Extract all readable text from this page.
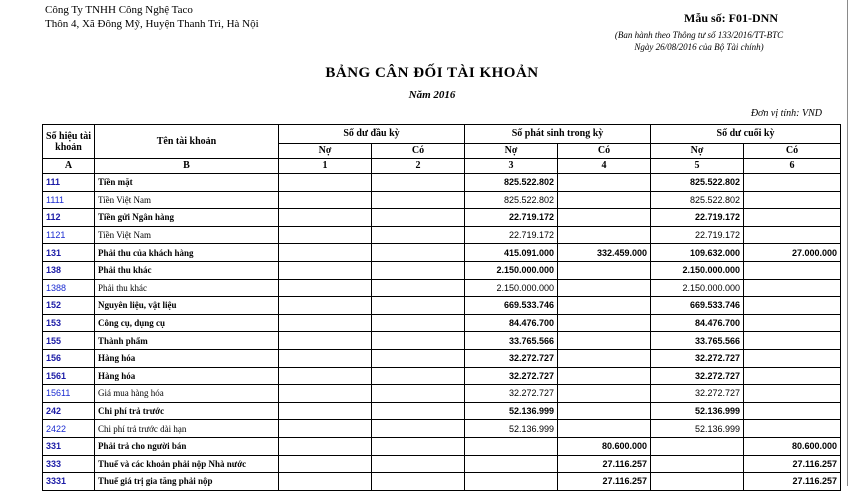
Công Ty TNHH Công Nghệ Taco
Thôn 4, Xã Đông Mỹ, Huyện Thanh Trì, Hà Nội	Mẫu số: F01-DNN
(Ban hành theo Thông tư số 133/2016/TT-BTC
Ngày 26/08/2016 của Bộ Tài chính)
BẢNG CÂN ĐỐI TÀI KHOẢN
Năm 2016
Đơn vị tính: VND
Số hiệu tài khoản	Tên tài khoản	Số dư đầu kỳ		Số phát sinh trong kỳ		Số dư cuối kỳ	
		Nợ	Có	Nợ	Có	Nợ	Có
A	B	1	2	3	4	5	6
111	Tiền mặt			825.522.802		825.522.802	
1111	Tiền Việt Nam			825.522.802		825.522.802	
112	Tiền gửi Ngân hàng			22.719.172		22.719.172	
1121	Tiền Việt Nam			22.719.172		22.719.172	
131	Phải thu của khách hàng			415.091.000	332.459.000	109.632.000	27.000.000
138	Phải thu khác			2.150.000.000		2.150.000.000	
1388	Phải thu khác			2.150.000.000		2.150.000.000	
152	Nguyên liệu, vật liệu			669.533.746		669.533.746	
153	Công cụ, dụng cụ			84.476.700		84.476.700	
155	Thành phẩm			33.765.566		33.765.566	
156	Hàng hóa			32.272.727		32.272.727	
1561	Hàng hóa			32.272.727		32.272.727	
15611	Giá mua hàng hóa			32.272.727		32.272.727	
242	Chi phí trả trước			52.136.999		52.136.999	
2422	Chi phí trả trước dài hạn			52.136.999		52.136.999	
331	Phải trả cho người bán				80.600.000		80.600.000
333	Thuế và các khoản phải nộp Nhà nước				27.116.257		27.116.257
3331	Thuế giá trị gia tăng phải nộp				27.116.257		27.116.257
